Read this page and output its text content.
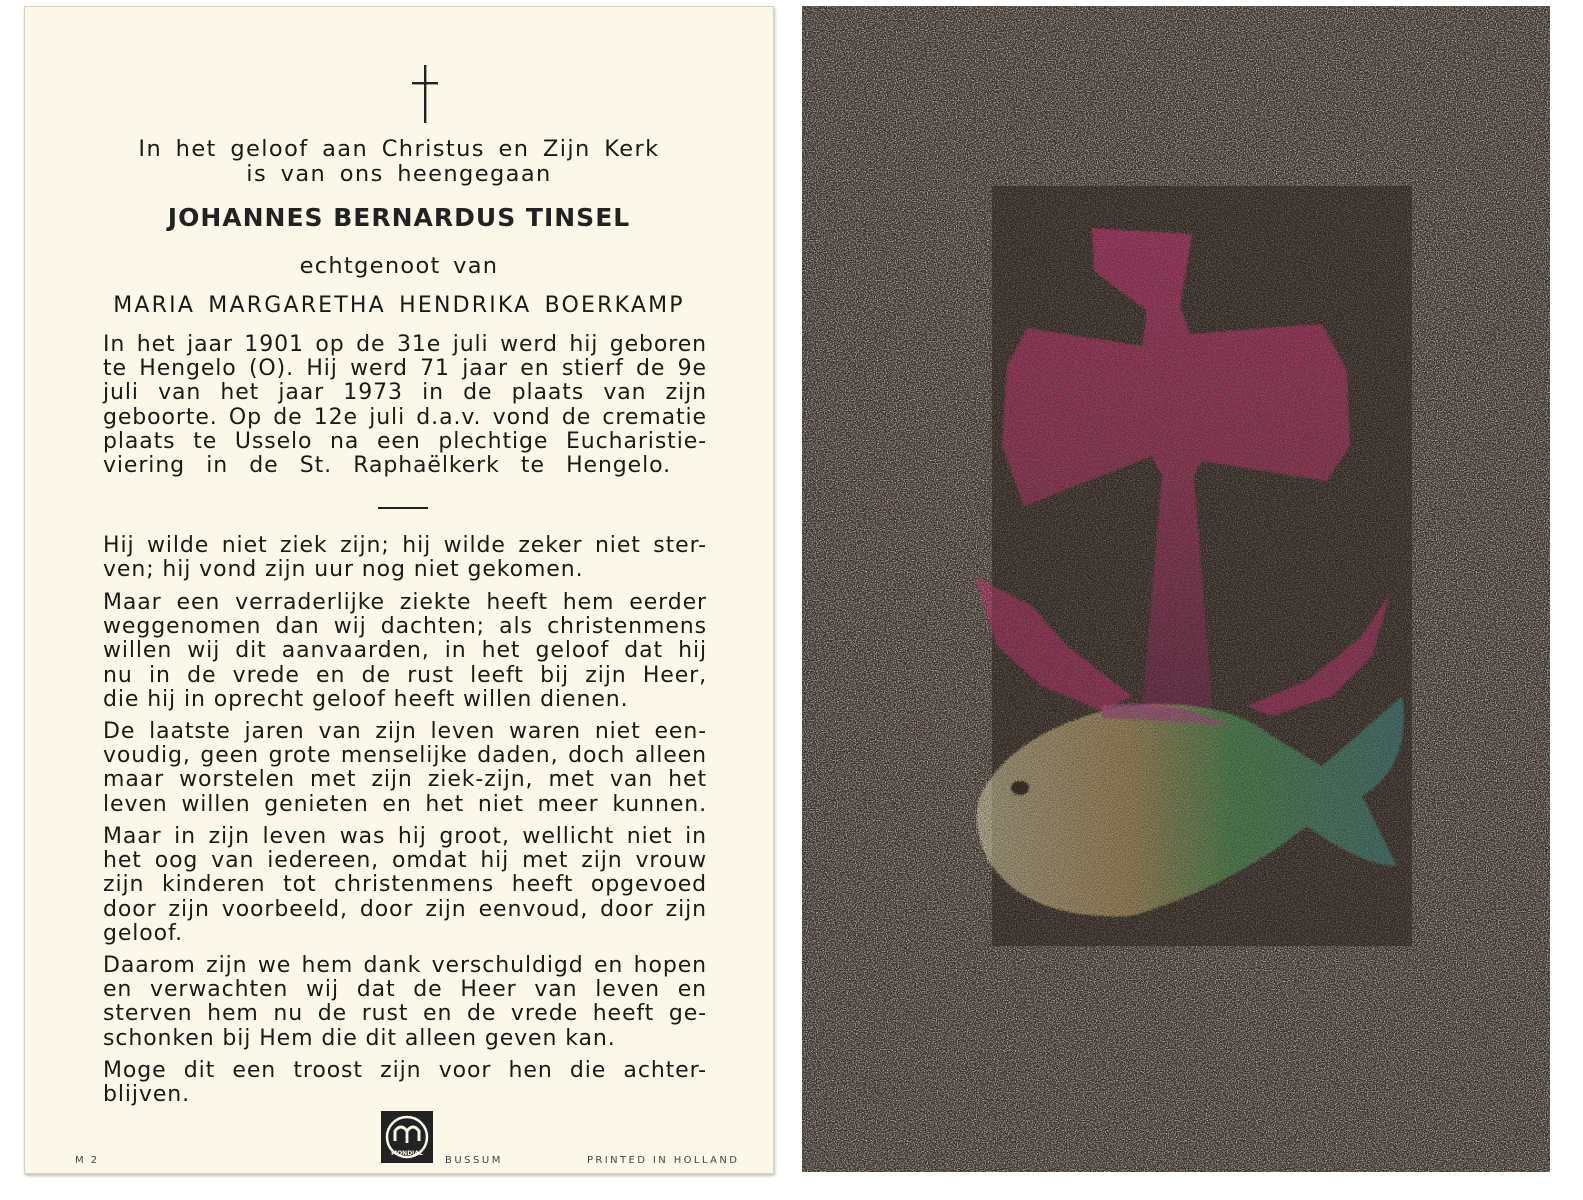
In het geloof aan Christus en Zijn Kerk
is van ons heengegaan
JOHANNES BERNARDUS TINSEL
echtgenoot van
MARIA MARGARETHA HENDRIKA BOERKAMP
In het jaar 1901 op de 31e juli werd hij geboren
te Hengelo (O). Hij werd 71 jaar en stierf de 9e
juli van het jaar 1973 in de plaats van zijn
geboorte. Op de 12e juli d.a.v. vond de crematie
plaats te Usselo na een plechtige Eucharistie-
viering in de St. Raphaëlkerk te Hengelo.
Hij wilde niet ziek zijn; hij wilde zeker niet ster-
ven; hij vond zijn uur nog niet gekomen.
Maar een verraderlijke ziekte heeft hem eerder
weggenomen dan wij dachten; als christenmens
willen wij dit aanvaarden, in het geloof dat hij
nu in de vrede en de rust leeft bij zijn Heer,
die hij in oprecht geloof heeft willen dienen.
De laatste jaren van zijn leven waren niet een-
voudig, geen grote menselijke daden, doch alleen
maar worstelen met zijn ziek-zijn, met van het
leven willen genieten en het niet meer kunnen.
Maar in zijn leven was hij groot, wellicht niet in
het oog van iedereen, omdat hij met zijn vrouw
zijn kinderen tot christenmens heeft opgevoed
door zijn voorbeeld, door zijn eenvoud, door zijn
geloof.
Daarom zijn we hem dank verschuldigd en hopen
en verwachten wij dat de Heer van leven en
sterven hem nu de rust en de vrede heeft ge-
schonken bij Hem die dit alleen geven kan.
Moge dit een troost zijn voor hen die achter-
blijven.
M 2
MONDIAL
BUSSUM	PRINTED IN HOLLAND
